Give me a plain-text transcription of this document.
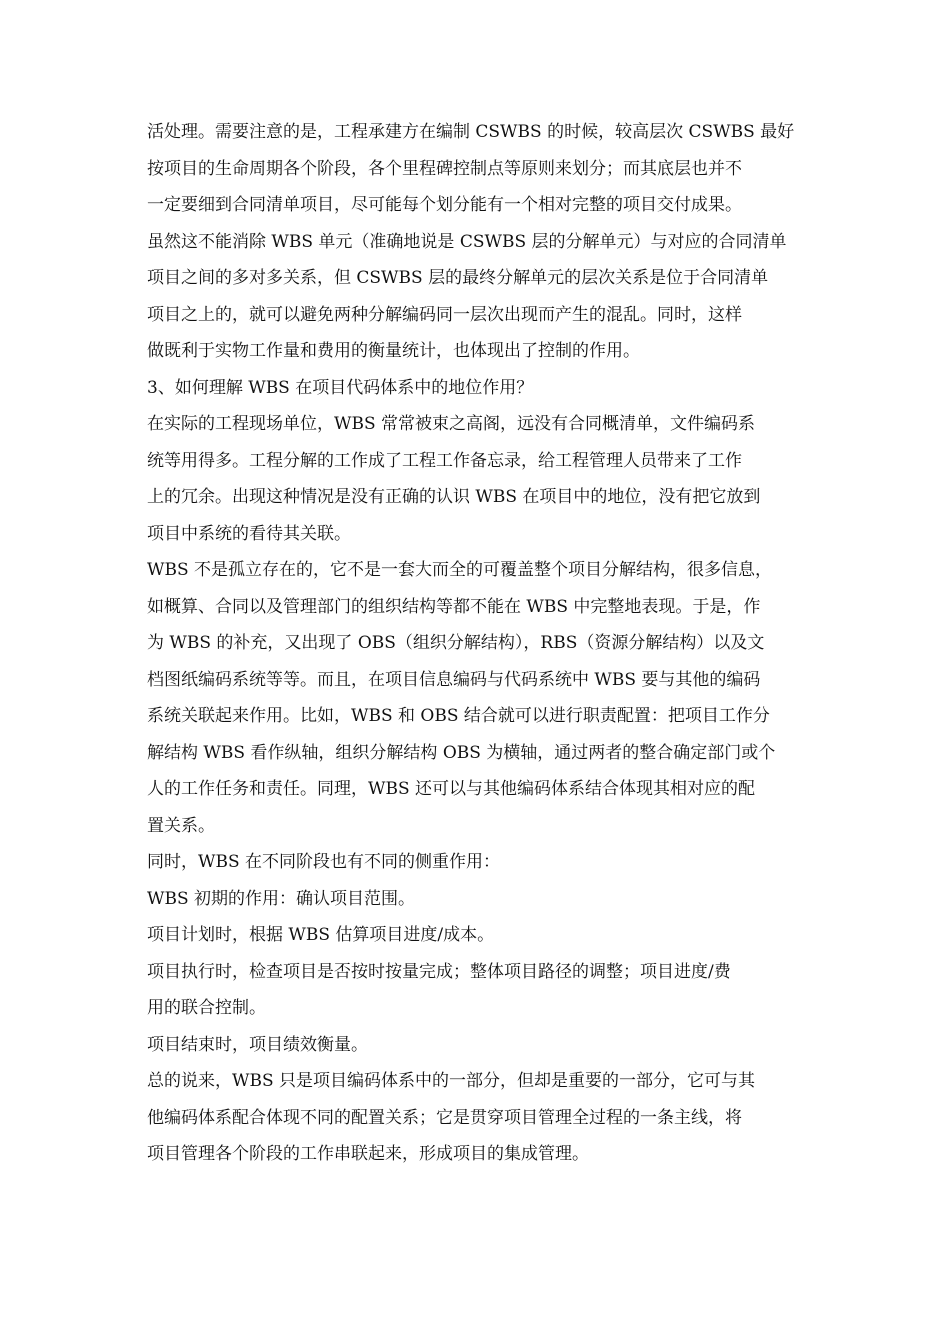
活处理。需要注意的是，工程承建方在编制 CSWBS 的时候，较高层次 CSWBS 最好
按项目的生命周期各个阶段，各个里程碑控制点等原则来划分；而其底层也并不
一定要细到合同清单项目，尽可能每个划分能有一个相对完整的项目交付成果。
虽然这不能消除 WBS 单元（准确地说是 CSWBS 层的分解单元）与对应的合同清单
项目之间的多对多关系，但 CSWBS 层的最终分解单元的层次关系是位于合同清单
项目之上的，就可以避免两种分解编码同一层次出现而产生的混乱。同时，这样
做既利于实物工作量和费用的衡量统计，也体现出了控制的作用。
3、如何理解 WBS 在项目代码体系中的地位作用？
在实际的工程现场单位，WBS 常常被束之高阁，远没有合同概清单，文件编码系
统等用得多。工程分解的工作成了工程工作备忘录，给工程管理人员带来了工作
上的冗余。出现这种情况是没有正确的认识 WBS 在项目中的地位，没有把它放到
项目中系统的看待其关联。
WBS 不是孤立存在的，它不是一套大而全的可覆盖整个项目分解结构，很多信息，
如概算、合同以及管理部门的组织结构等都不能在 WBS 中完整地表现。于是，作
为 WBS 的补充，又出现了 OBS（组织分解结构），RBS（资源分解结构）以及文
档图纸编码系统等等。而且，在项目信息编码与代码系统中 WBS 要与其他的编码
系统关联起来作用。比如，WBS 和 OBS 结合就可以进行职责配置：把项目工作分
解结构 WBS 看作纵轴，组织分解结构 OBS 为横轴，通过两者的整合确定部门或个
人的工作任务和责任。同理，WBS 还可以与其他编码体系结合体现其相对应的配
置关系。
同时，WBS 在不同阶段也有不同的侧重作用：
WBS 初期的作用：确认项目范围。
项目计划时，根据 WBS 估算项目进度/成本。
项目执行时，检查项目是否按时按量完成；整体项目路径的调整；项目进度/费
用的联合控制。
项目结束时，项目绩效衡量。
总的说来，WBS 只是项目编码体系中的一部分，但却是重要的一部分，它可与其
他编码体系配合体现不同的配置关系；它是贯穿项目管理全过程的一条主线，将
项目管理各个阶段的工作串联起来，形成项目的集成管理。
